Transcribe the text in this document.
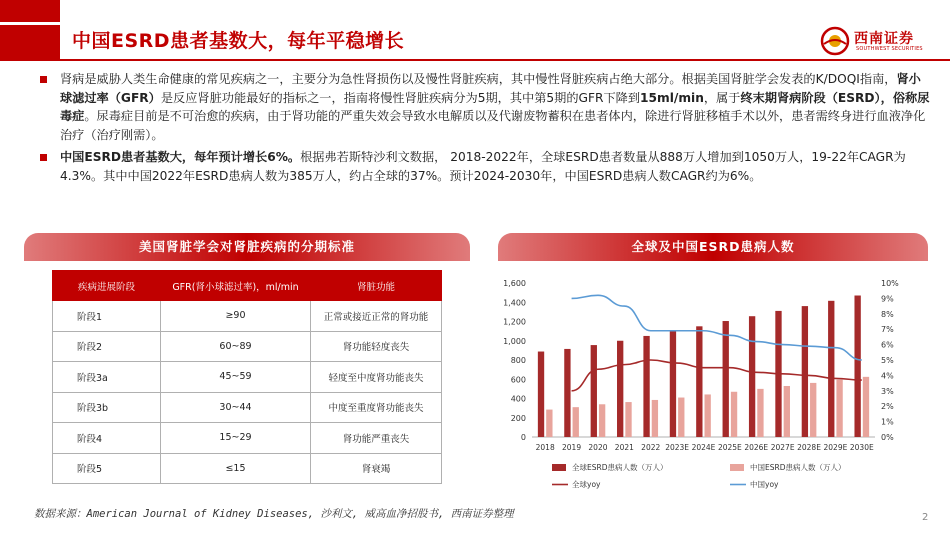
中国ESRD患者基数大，每年平稳增长	西南证券
SOUTHWEST SECURITIES

肾病是威胁人类生命健康的常见疾病之一，主要分为急性肾损伤以及慢性肾脏疾病，其中慢性肾脏疾病占绝大部分。根据美国肾脏学会发表的K/DOQI指南，肾小球滤过率（GFR）是反应肾脏功能最好的指标之一，指南将慢性肾脏疾病分为5期，其中第5期的GFR下降到15ml/min，属于终末期肾病阶段（ESRD），俗称尿毒症。尿毒症目前是不可治愈的疾病，由于肾功能的严重失效会导致水电解质以及代谢废物蓄积在患者体内，除进行肾脏移植手术以外，患者需终身进行血液净化治疗（治疗刚需）。

中国ESRD患者基数大，每年预计增长6%。根据弗若斯特沙利文数据， 2018-2022年，全球ESRD患者数量从888万人增加到1050万人，19-22年CAGR为4.3%。其中中国2022年ESRD患病人数为385万人，约占全球的37%。预计2024-2030年，中国ESRD患病人数CAGR约为6%。

美国肾脏学会对肾脏疾病的分期标准
疾病进展阶段	GFR(肾小球滤过率)，ml/min	肾脏功能
阶段1	≥90	正常或接近正常的肾功能
阶段2	60~89	肾功能轻度丧失
阶段3a	45~59	轻度至中度肾功能丧失
阶段3b	30~44	中度至重度肾功能丧失
阶段4	15~29	肾功能严重丧失
阶段5	≤15	肾衰竭
全球及中国ESRD患病人数
0
200
400
600
800
1,000
1,200
1,400
1,600
0%
1%
2%
3%
4%
5%
6%
7%
8%
9%
10%
2018 2019 2020 2021 2022 2023E 2024E 2025E 2026E 2027E 2028E 2029E 2030E
全球ESRD患病人数（万人）	中国ESRD患病人数（万人）
全球yoy	中国yoy
数据来源：American Journal of Kidney Diseases, 沙利文, 威高血净招股书, 西南证券整理	2
